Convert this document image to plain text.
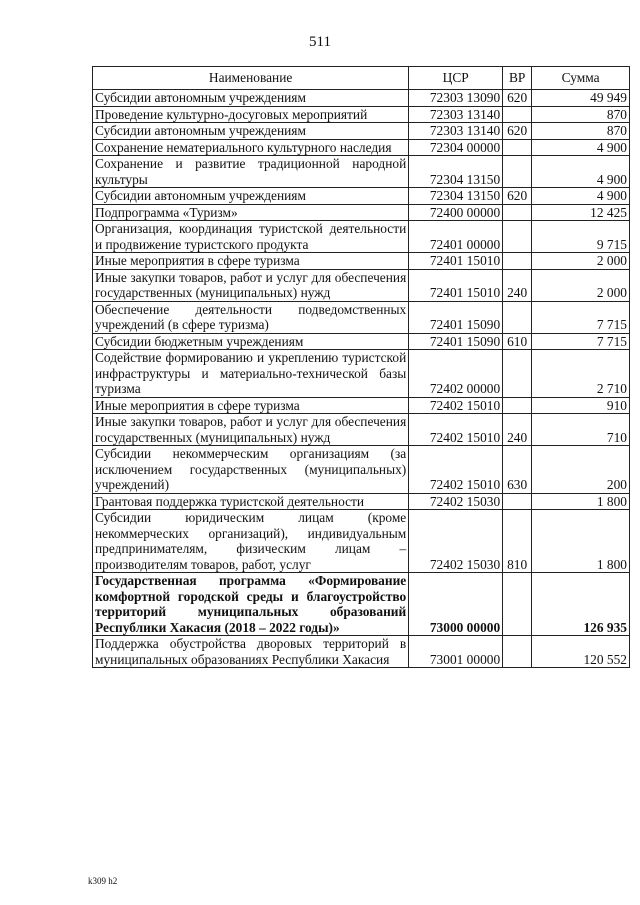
511
Наименование	ЦСР	ВР	Сумма
Субсидии автономным учреждениям	72303 13090	620	49 949
Проведение культурно-досуговых мероприятий	72303 13140		870
Субсидии автономным учреждениям	72303 13140	620	870
Сохранение нематериального культурного наследия	72304 00000		4 900
Сохранение и развитие традиционной народной культуры	72304 13150		4 900
Субсидии автономным учреждениям	72304 13150	620	4 900
Подпрограмма «Туризм»	72400 00000		12 425
Организация, координация туристской деятельности и продвижение туристского продукта	72401 00000		9 715
Иные мероприятия в сфере туризма	72401 15010		2 000
Иные закупки товаров, работ и услуг для обеспечения государственных (муниципальных) нужд	72401 15010	240	2 000
Обеспечение деятельности подведомственных учреждений (в сфере туризма)	72401 15090		7 715
Субсидии бюджетным учреждениям	72401 15090	610	7 715
Содействие формированию и укреплению туристской инфраструктуры и материально-технической базы туризма	72402 00000		2 710
Иные мероприятия в сфере туризма	72402 15010		910
Иные закупки товаров, работ и услуг для обеспечения государственных (муниципальных) нужд	72402 15010	240	710
Субсидии некоммерческим организациям (за исключением государственных (муниципальных) учреждений)	72402 15010	630	200
Грантовая поддержка туристской деятельности	72402 15030		1 800
Субсидии юридическим лицам (кроме некоммерческих организаций), индивидуальным предпринимателям, физическим лицам – производителям товаров, работ, услуг	72402 15030	810	1 800
Государственная программа «Формирование комфортной городской среды и благоустройство территорий муниципальных образований Республики Хакасия (2018 – 2022 годы)»	73000 00000		126 935
Поддержка обустройства дворовых территорий в муниципальных образованиях Республики Хакасия	73001 00000		120 552
k309 h2
